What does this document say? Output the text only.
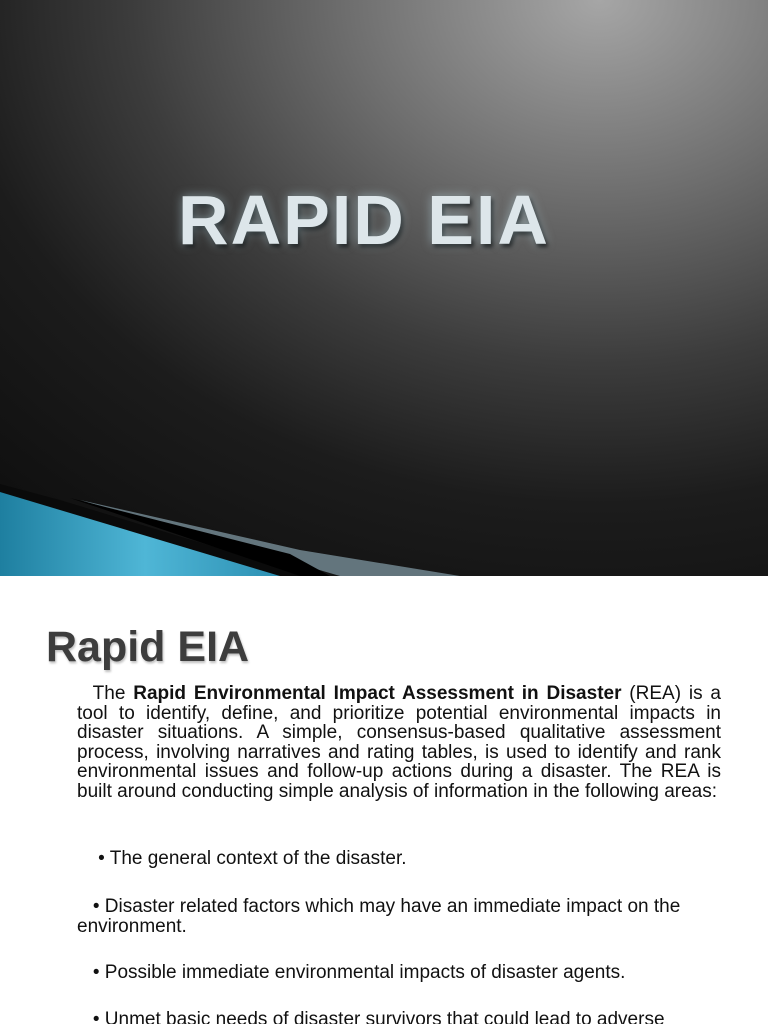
RAPID EIA
Rapid EIA
The Rapid Environmental Impact Assessment in Disaster (REA) is a tool to identify, define, and prioritize potential environmental impacts in disaster situations. A simple, consensus-based qualitative assessment process, involving narratives and rating tables, is used to identify and rank environmental issues and follow-up actions during a disaster. The REA is built around conducting simple analysis of information in the following areas:
• The general context of the disaster.
• Disaster related factors which may have an immediate impact on the environment.
• Possible immediate environmental impacts of disaster agents.
• Unmet basic needs of disaster survivors that could lead to adverse
